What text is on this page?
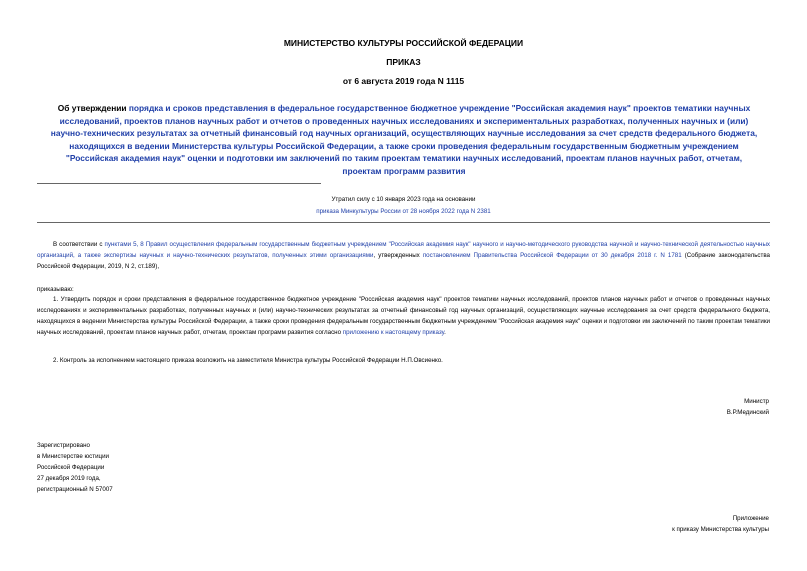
МИНИСТЕРСТВО КУЛЬТУРЫ РОССИЙСКОЙ ФЕДЕРАЦИИ
ПРИКАЗ
от 6 августа 2019 года N 1115
Об утверждении порядка и сроков представления в федеральное государственное бюджетное учреждение "Российская академия наук" проектов тематики научных исследований, проектов планов научных работ и отчетов о проведенных научных исследованиях и экспериментальных разработках, полученных научных и (или) научно-технических результатах за отчетный финансовый год научных организаций, осуществляющих научные исследования за счет средств федерального бюджета, находящихся в ведении Министерства культуры Российской Федерации, а также сроки проведения федеральным государственным бюджетным учреждением "Российская академия наук" оценки и подготовки им заключений по таким проектам тематики научных исследований, проектам планов научных работ, отчетам, проектам программ развития
Утратил силу с 10 января 2023 года на основании
приказа Минкультуры России от 28 ноября 2022 года N 2381
В соответствии с пунктами 5, 8 Правил осуществления федеральным государственным бюджетным учреждением "Российская академия наук" научного и научно-методического руководства научной и научно-технической деятельностью научных организаций, а также экспертизы научных и научно-технических результатов, полученных этими организациями, утвержденных постановлением Правительства Российской Федерации от 30 декабря 2018 г. N 1781 (Собрание законодательства Российской Федерации, 2019, N 2, ст.189),
приказываю:
1. Утвердить порядок и сроки представления в федеральное государственное бюджетное учреждение "Российская академия наук" проектов тематики научных исследований, проектов планов научных работ и отчетов о проведенных научных исследованиях и экспериментальных разработках, полученных научных и (или) научно-технических результатах за отчетный финансовый год научных организаций, осуществляющих научные исследования за счет средств федерального бюджета, находящихся в ведении Министерства культуры Российской Федерации, а также сроки проведения федеральным государственным бюджетным учреждением "Российская академия наук" оценки и подготовки им заключений по таким проектам тематики научных исследований, проектам планов научных работ, отчетам, проектам программ развития согласно приложению к настоящему приказу.
2. Контроль за исполнением настоящего приказа возложить на заместителя Министра культуры Российской Федерации Н.П.Овсиенко.
Министр
В.Р.Мединский
Зарегистрировано
в Министерстве юстиции
Российской Федерации
27 декабря 2019 года,
регистрационный N 57007
Приложение
к приказу Министерства культуры
